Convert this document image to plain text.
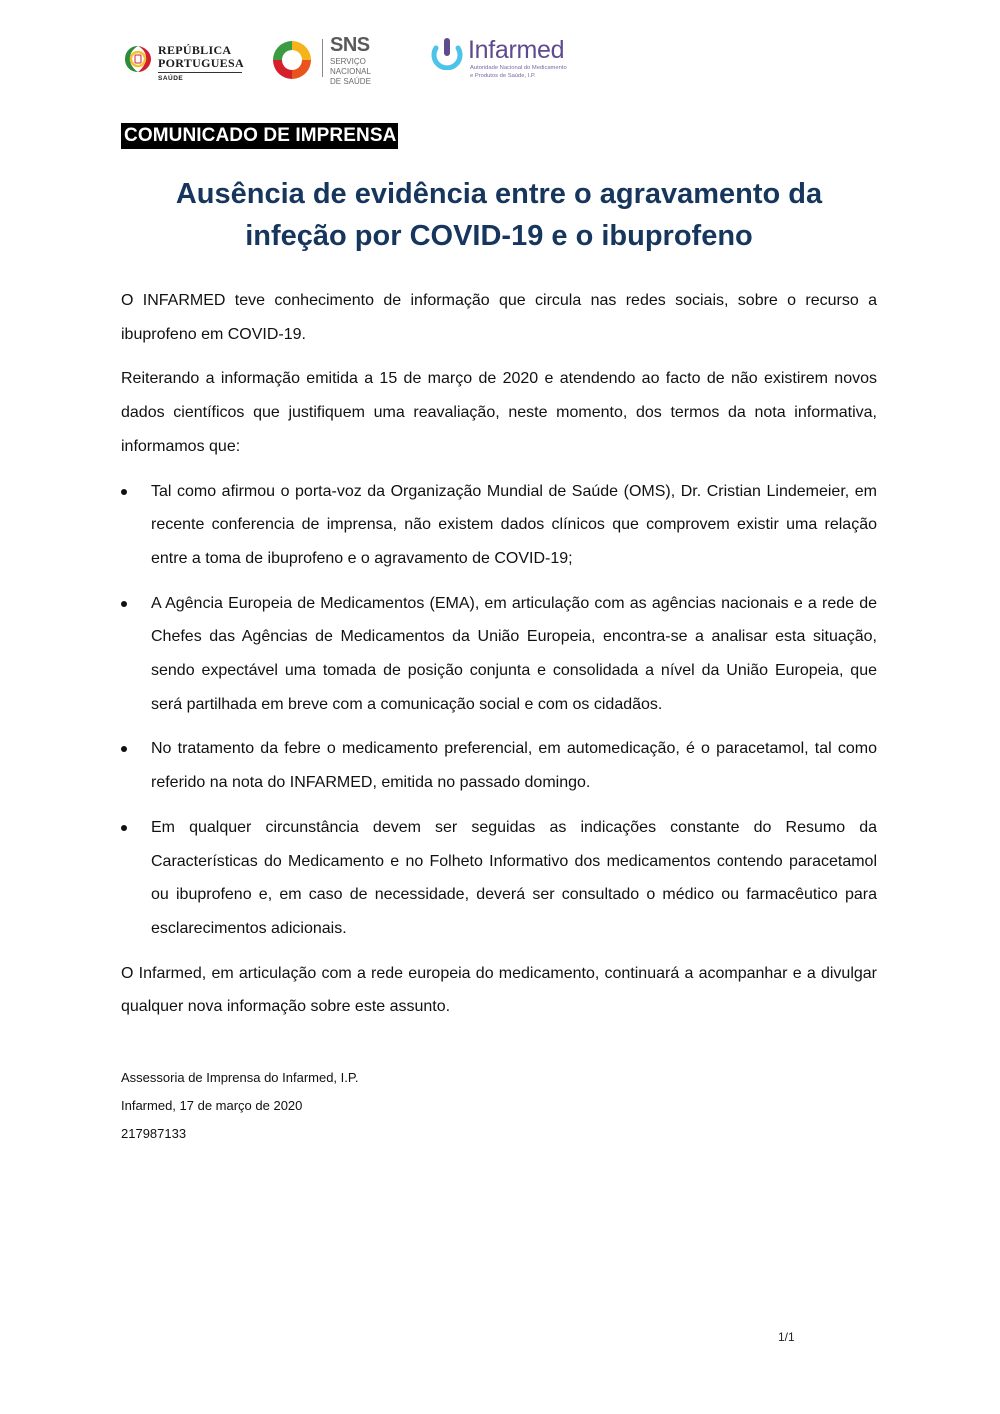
REPÚBLICA
PORTUGUESA
SAÚDE
SNS
SERVIÇO NACIONAL
DE SAÚDE
Infarmed
Autoridade Nacional do Medicamento
e Produtos de Saúde, I.P.
COMUNICADO DE IMPRENSA
Ausência de evidência entre o agravamento da
infeção por COVID-19 e o ibuprofeno

O INFARMED teve conhecimento de informação que circula nas redes sociais, sobre o recurso a ibuprofeno em COVID-19.

Reiterando a informação emitida a 15 de março de 2020 e atendendo ao facto de não existirem novos dados científicos que justifiquem uma reavaliação, neste momento, dos termos da nota informativa, informamos que:

Tal como afirmou o porta-voz da Organização Mundial de Saúde (OMS), Dr. Cristian Lindemeier, em recente conferencia de imprensa, não existem dados clínicos que comprovem existir uma relação entre a toma de ibuprofeno e o agravamento de COVID-19;
A Agência Europeia de Medicamentos (EMA), em articulação com as agências nacionais e a rede de Chefes das Agências de Medicamentos da União Europeia, encontra-se a analisar esta situação, sendo expectável uma tomada de posição conjunta e consolidada a nível da União Europeia, que será partilhada em breve com a comunicação social e com os cidadãos.
No tratamento da febre o medicamento preferencial, em automedicação, é o paracetamol, tal como referido na nota do INFARMED, emitida no passado domingo.
Em qualquer circunstância devem ser seguidas as indicações constante do Resumo da Características do Medicamento e no Folheto Informativo dos medicamentos contendo paracetamol ou ibuprofeno e, em caso de necessidade, deverá ser consultado o médico ou farmacêutico para esclarecimentos adicionais.

O Infarmed, em articulação com a rede europeia do medicamento, continuará a acompanhar e a divulgar qualquer nova informação sobre este assunto.

Assessoria de Imprensa do Infarmed, I.P.
Infarmed, 17 de março de 2020
217987133
1/1
